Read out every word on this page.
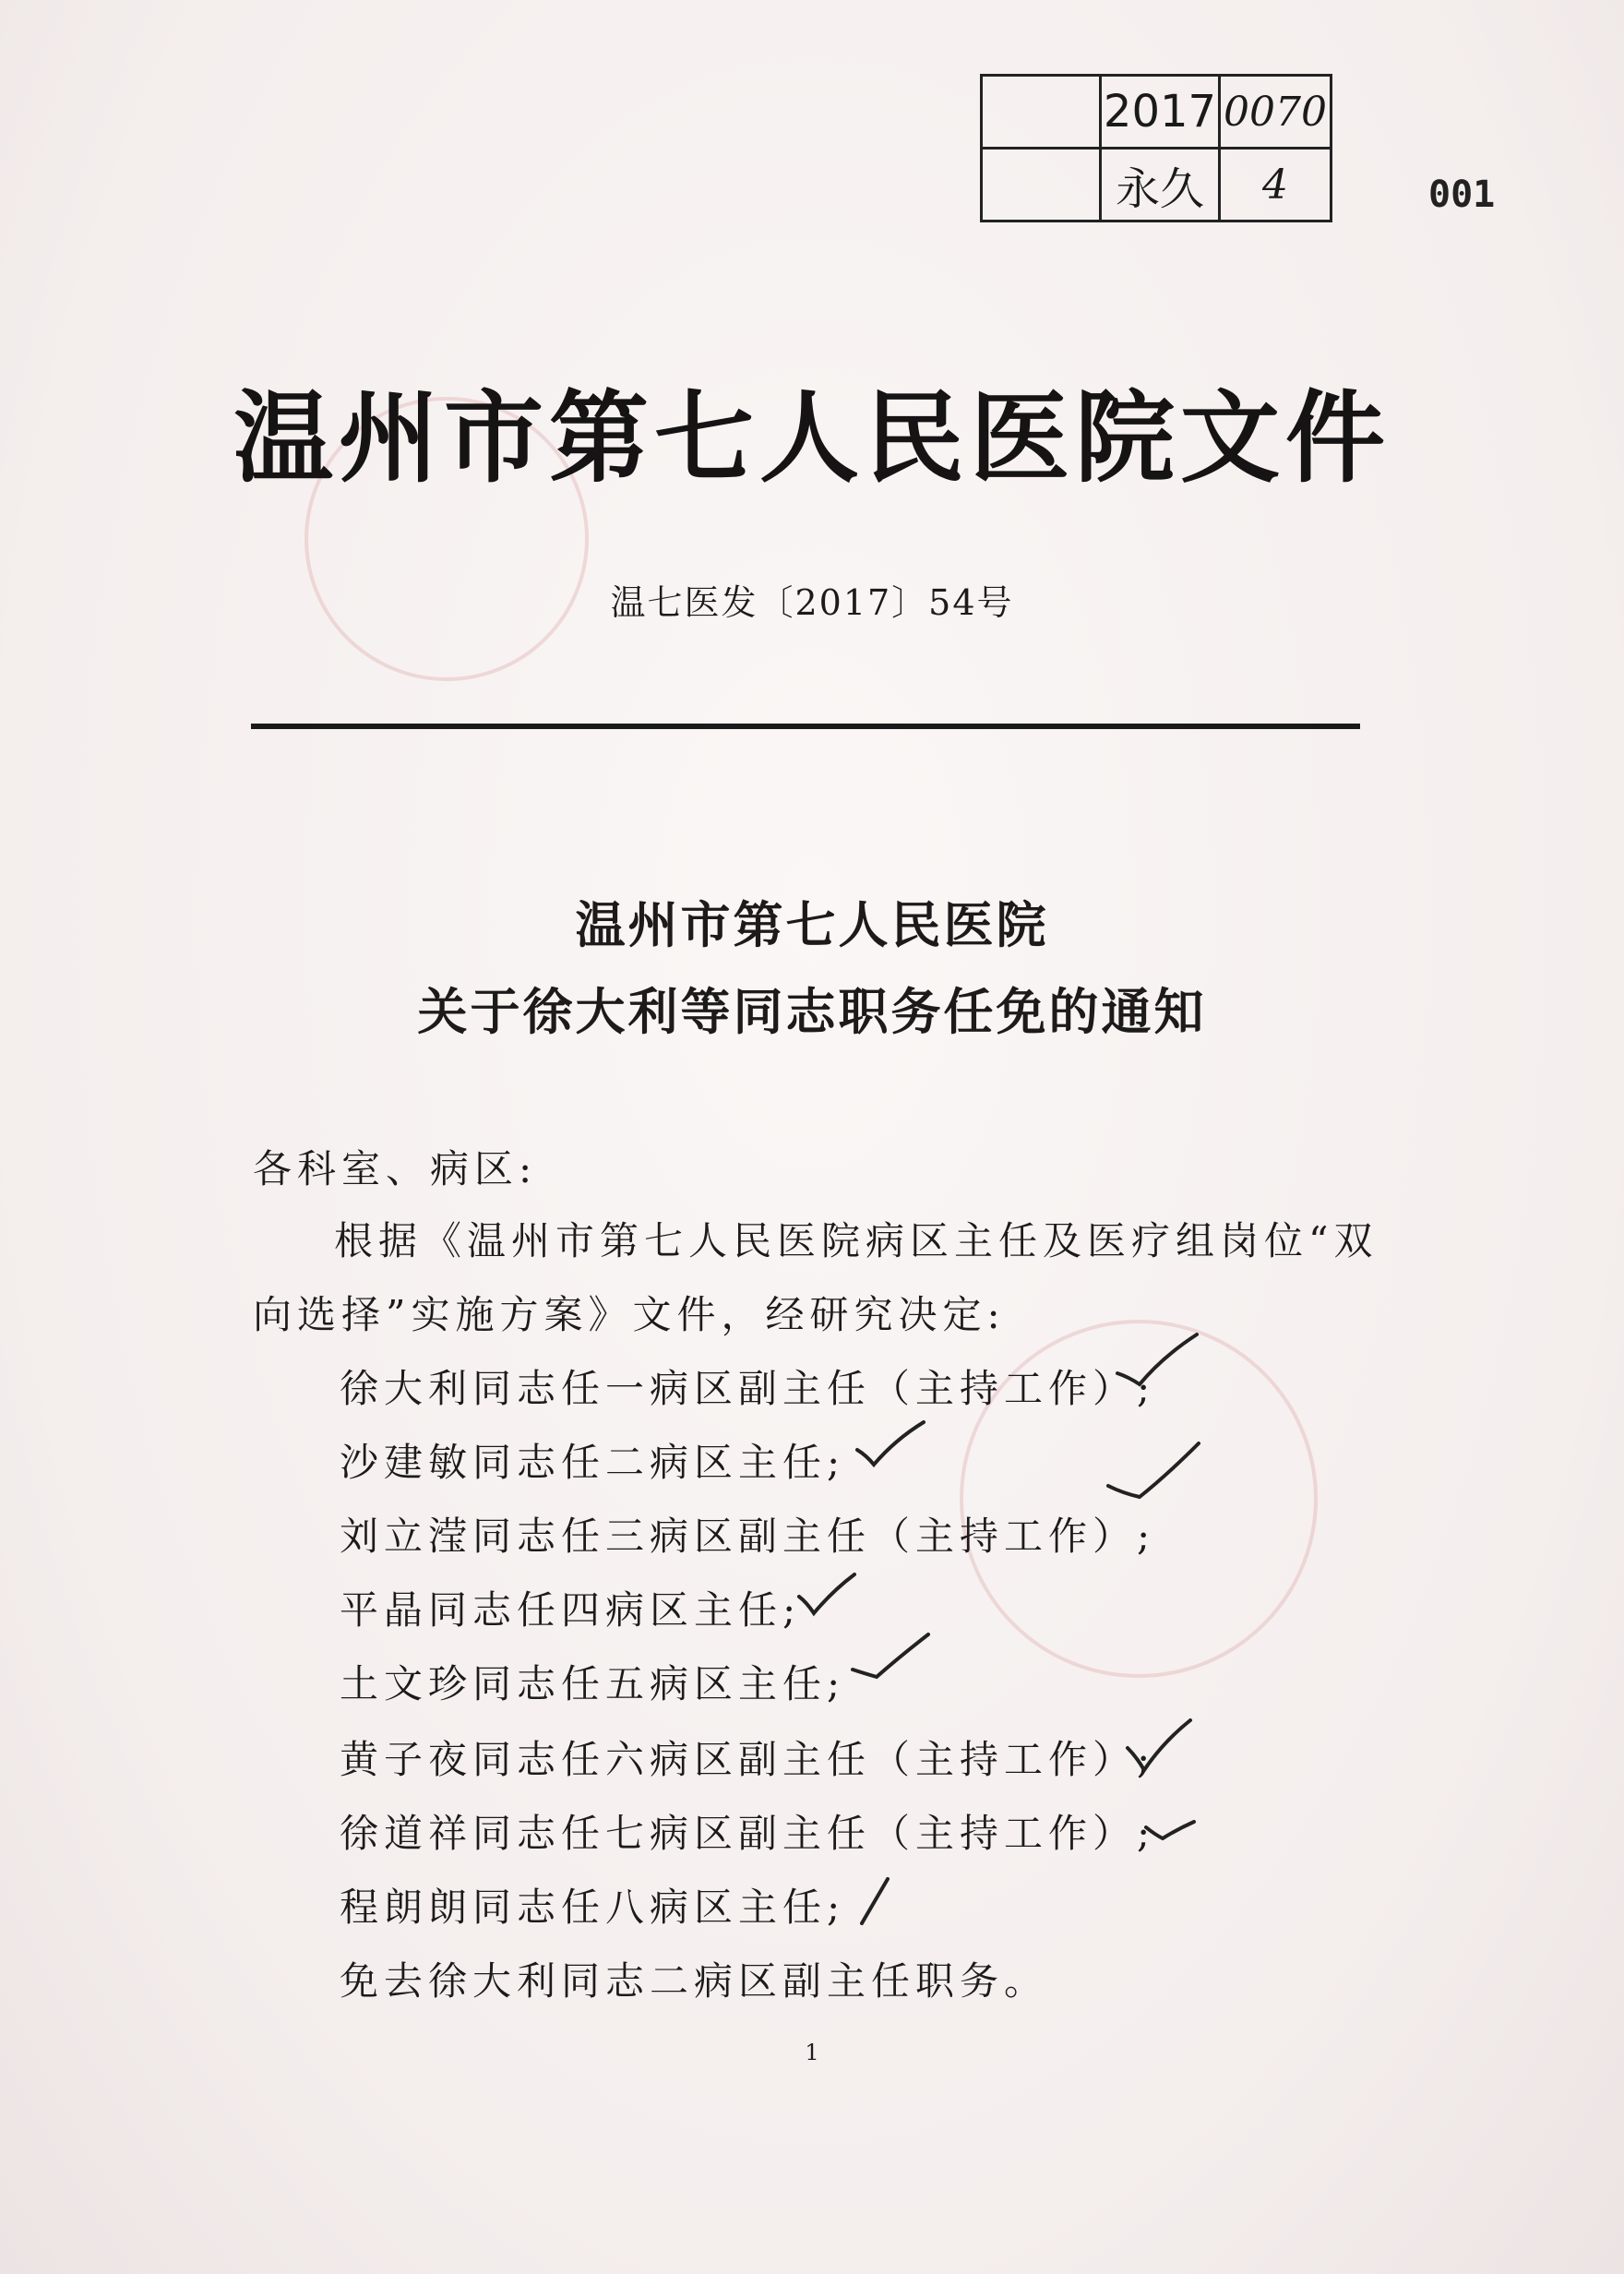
	2017	0070
	永久	4	001
温州市第七人民医院文件
温七医发〔2017〕54号
温州市第七人民医院
关于徐大利等同志职务任免的通知
各科室、病区:
根据《温州市第七人民医院病区主任及医疗组岗位“双
向选择”实施方案》文件，经研究决定:
徐大利同志任一病区副主任（主持工作）;
沙建敏同志任二病区主任;
刘立滢同志任三病区副主任（主持工作）;
平晶同志任四病区主任;
土文珍同志任五病区主任;
黄子夜同志任六病区副主任（主持工作）;
徐道祥同志任七病区副主任（主持工作）;
程朗朗同志任八病区主任;
免去徐大利同志二病区副主任职务。
1
